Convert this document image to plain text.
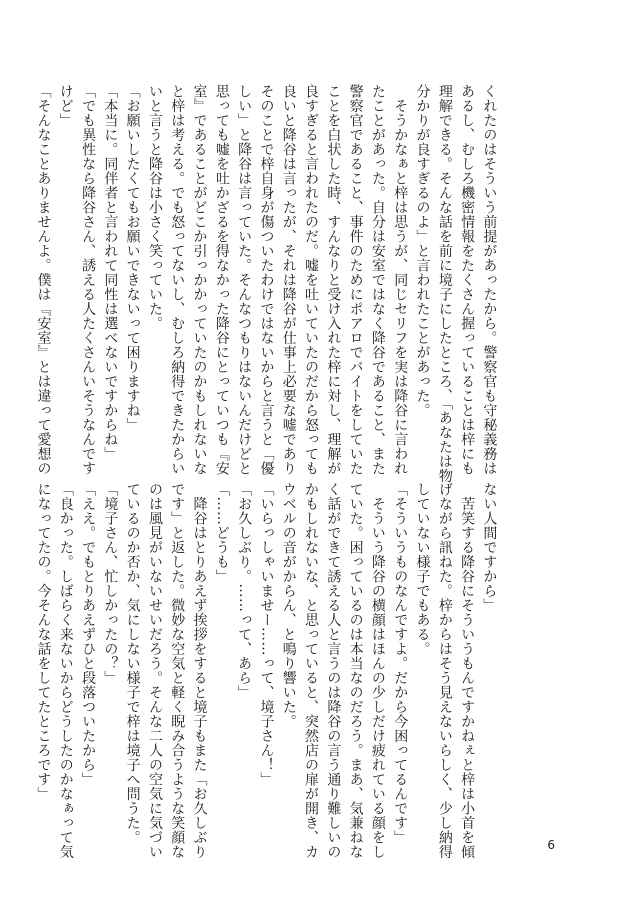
くれたのはそういう前提があったから。警察官も守秘義務は
あるし、むしろ機密情報をたくさん握っていることは梓にも
理解できる。そんな話を前に境子にしたところ、「あなたは物
分かりが良すぎるのよ」と言われたことがあった。
　そうかなぁと梓は思うが、同じセリフを実は降谷に言われ
たことがあった。自分は安室ではなく降谷であること、また
警察官であること、事件のためにポアロでバイトをしていた
ことを白状した時、すんなりと受け入れた梓に対し、理解が
良すぎると言われたのだ。嘘を吐いていたのだから怒っても
良いと降谷は言ったが、それは降谷が仕事上必要な嘘であり
そのことで梓自身が傷ついたわけではないからと言うと「優
しい」と降谷は言っていた。そんなつもりはないんだけどと
思っても嘘を吐かざるを得なかった降谷にとっていつも『安
室』であることがどこか引っかかっていたのかもしれないな
と梓は考える。でも怒ってないし、むしろ納得できたからい
いと言うと降谷は小さく笑っていた。
「お願いしたくてもお願いできないって困りますね」
「本当に。同伴者と言われて同性は選べないですからね」
「でも異性なら降谷さん、誘える人たくさんいそうなんです
けど」
「そんなことありませんよ。僕は『安室』とは違って愛想の

ない人間ですから」
　苦笑する降谷にそういうもんですかねぇと梓は小首を傾
げながら訊ねた。梓からはそう見えないらしく、少し納得
していない様子でもある。
「そういうものなんですよ。だから今困ってるんです」
　そういう降谷の横顔はほんの少しだけ疲れている顔をし
ていた。困っているのは本当なのだろう。まあ、気兼ねな
く話ができて誘える人と言うのは降谷の言う通り難しいの
かもしれないな、と思っていると、突然店の扉が開き、カ
ウベルの音がからん、と鳴り響いた。
「いらっしゃいませー……って、境子さん！」
「お久しぶり。……って、あら」
「……どうも」
　降谷はとりあえず挨拶をすると境子もまた「お久しぶり
です」と返した。微妙な空気と軽く睨み合うような笑顔な
のは風見がいないせいだろう。そんな二人の空気に気づい
ているのか否か、気にしない様子で梓は境子へ問うた。
「境子さん、忙しかったの？」
「ええ。でもとりあえずひと段落ついたから」
「良かった。しばらく来ないからどうしたのかなぁって気
になってたの。今そんな話をしてたところです」

6
